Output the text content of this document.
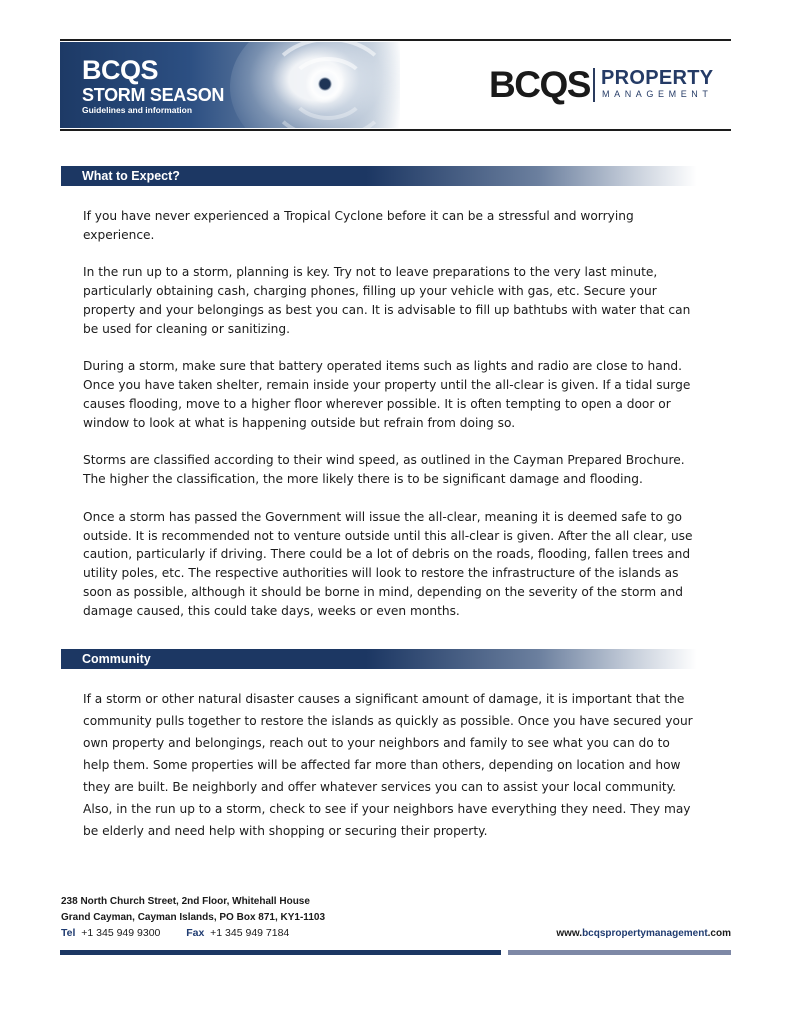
BCQS
STORM SEASON
Guidelines and information
BCQS PROPERTY
MANAGEMENT
What to Expect?

If you have never experienced a Tropical Cyclone before it can be a stressful and worrying experience.

In the run up to a storm, planning is key. Try not to leave preparations to the very last minute, particularly obtaining cash, charging phones, filling up your vehicle with gas, etc. Secure your property and your belongings as best you can. It is advisable to fill up bathtubs with water that can be used for cleaning or sanitizing.

During a storm, make sure that battery operated items such as lights and radio are close to hand. Once you have taken shelter, remain inside your property until the all-clear is given. If a tidal surge causes flooding, move to a higher floor wherever possible. It is often tempting to open a door or window to look at what is happening outside but refrain from doing so.

Storms are classified according to their wind speed, as outlined in the Cayman Prepared Brochure. The higher the classification, the more likely there is to be significant damage and flooding.

Once a storm has passed the Government will issue the all-clear, meaning it is deemed safe to go outside. It is recommended not to venture outside until this all-clear is given. After the all clear, use caution, particularly if driving. There could be a lot of debris on the roads, flooding, fallen trees and utility poles, etc. The respective authorities will look to restore the infrastructure of the islands as soon as possible, although it should be borne in mind, depending on the severity of the storm and damage caused, this could take days, weeks or even months.

Community

If a storm or other natural disaster causes a significant amount of damage, it is important that the community pulls together to restore the islands as quickly as possible. Once you have secured your own property and belongings, reach out to your neighbors and family to see what you can do to help them. Some properties will be affected far more than others, depending on location and how they are built. Be neighborly and offer whatever services you can to assist your local community. Also, in the run up to a storm, check to see if your neighbors have everything they need. They may be elderly and need help with shopping or securing their property.

238 North Church Street, 2nd Floor, Whitehall House
Grand Cayman, Cayman Islands, PO Box 871, KY1-1103
Tel +1 345 949 9300 Fax +1 345 949 7184	www.bcqspropertymanagement.com
